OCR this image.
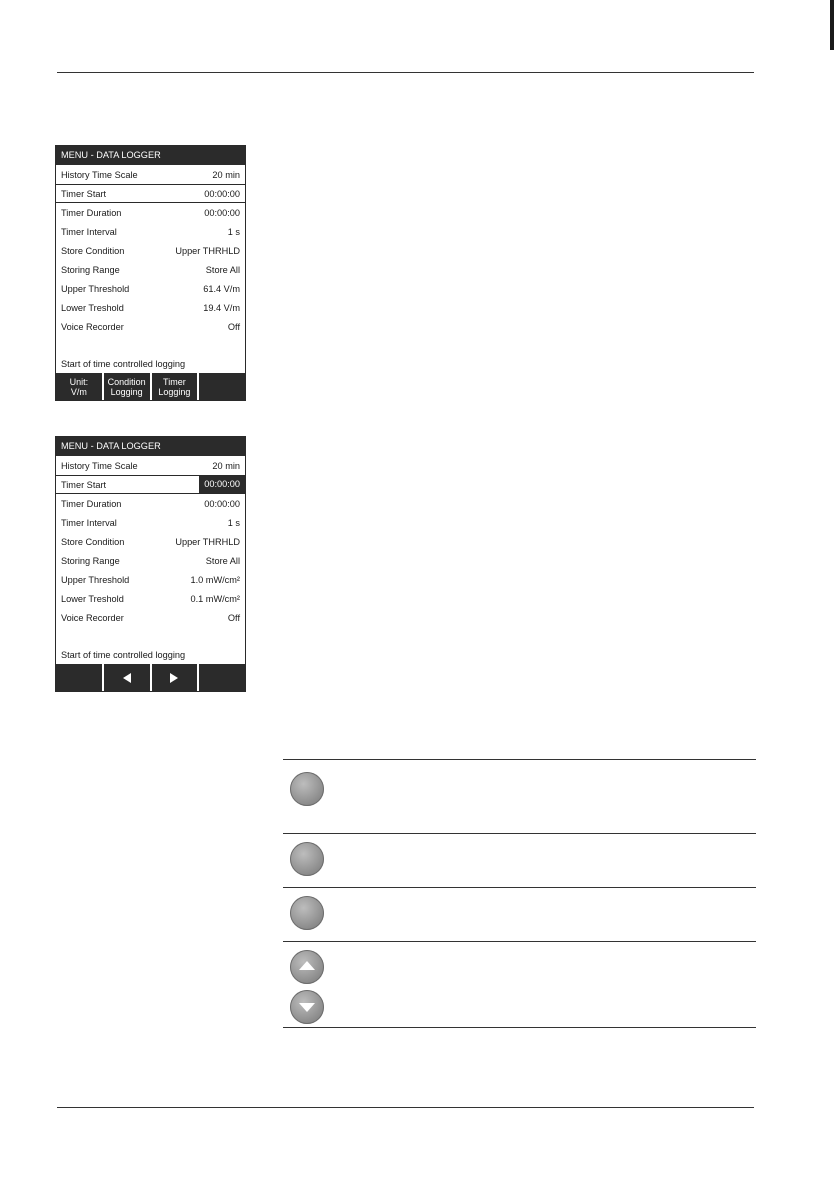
MENU - DATA LOGGER
History Time Scale	20 min
Timer Start	00:00:00
Timer Duration	00:00:00
Timer Interval	1 s
Store Condition	Upper THRHLD
Storing Range	Store All
Upper Threshold	61.4 V/m
Lower Treshold	19.4 V/m
Voice Recorder	Off
Start of time controlled logging
Unit:
V/m
Condition
Logging
Timer
Logging
MENU - DATA LOGGER
History Time Scale	20 min
Timer Start	00:00:00
Timer Duration	00:00:00
Timer Interval	1 s
Store Condition	Upper THRHLD
Storing Range	Store All
Upper Threshold	1.0 mW/cm²
Lower Treshold	0.1 mW/cm²
Voice Recorder	Off
Start of time controlled logging
